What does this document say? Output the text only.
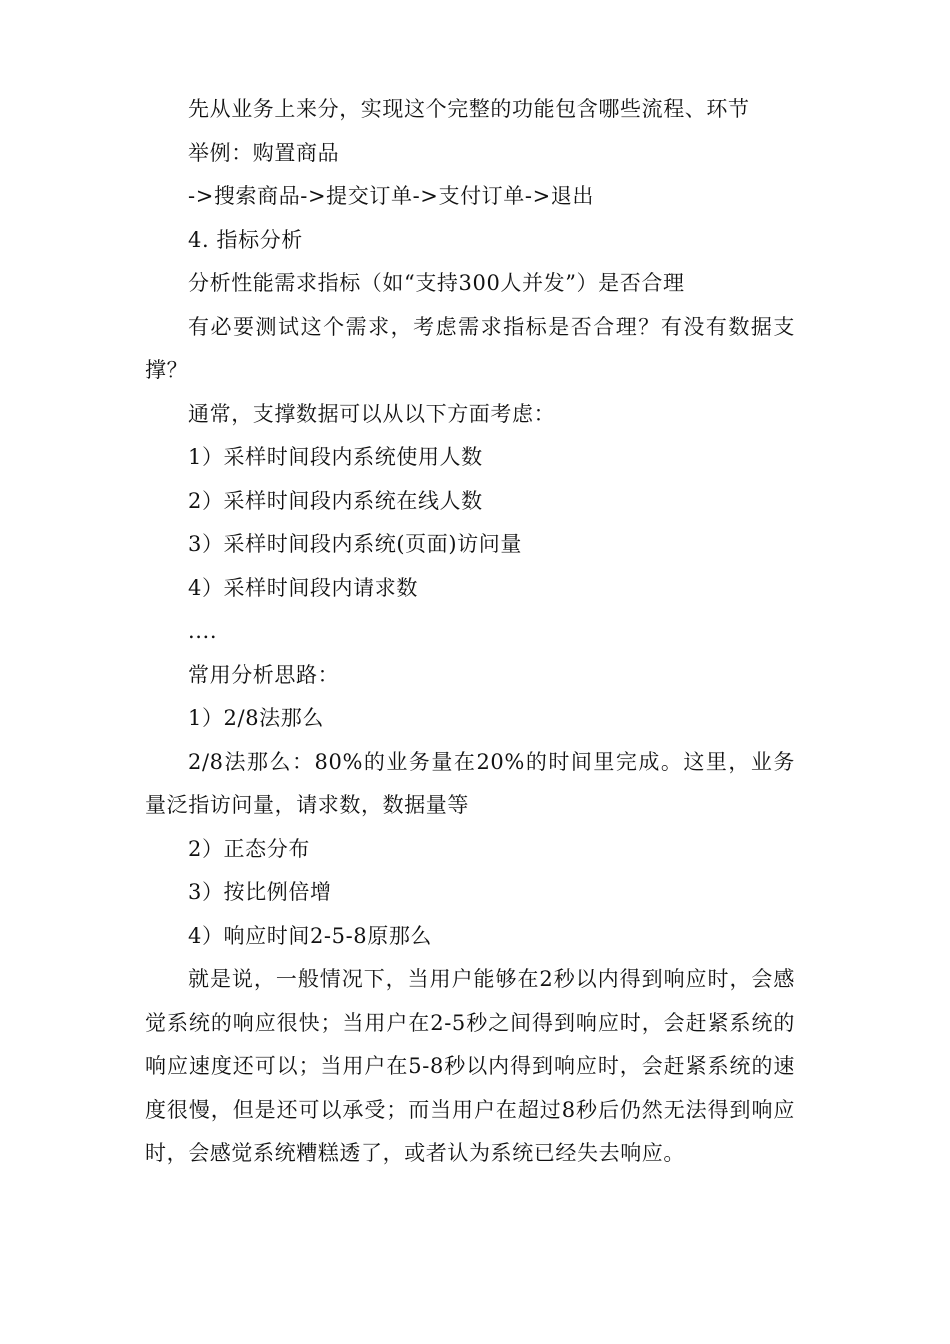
先从业务上来分，实现这个完整的功能包含哪些流程、环节

举例：购置商品

->搜索商品->提交订单->支付订单->退出

4. 指标分析

分析性能需求指标（如“支持300人并发”）是否合理

有必要测试这个需求，考虑需求指标是否合理？有没有数据支撑？

通常，支撑数据可以从以下方面考虑：

1）采样时间段内系统使用人数

2）采样时间段内系统在线人数

3）采样时间段内系统(页面)访问量

4）采样时间段内请求数

....

常用分析思路：

1）2/8法那么

2/8法那么：80%的业务量在20%的时间里完成。这里，业务量泛指访问量，请求数，数据量等

2）正态分布

3）按比例倍增

4）响应时间2-5-8原那么

就是说，一般情况下，当用户能够在2秒以内得到响应时，会感觉系统的响应很快；当用户在2-5秒之间得到响应时，会赶紧系统的响应速度还可以；当用户在5-8秒以内得到响应时，会赶紧系统的速度很慢，但是还可以承受；而当用户在超过8秒后仍然无法得到响应时，会感觉系统糟糕透了，或者认为系统已经失去响应。
